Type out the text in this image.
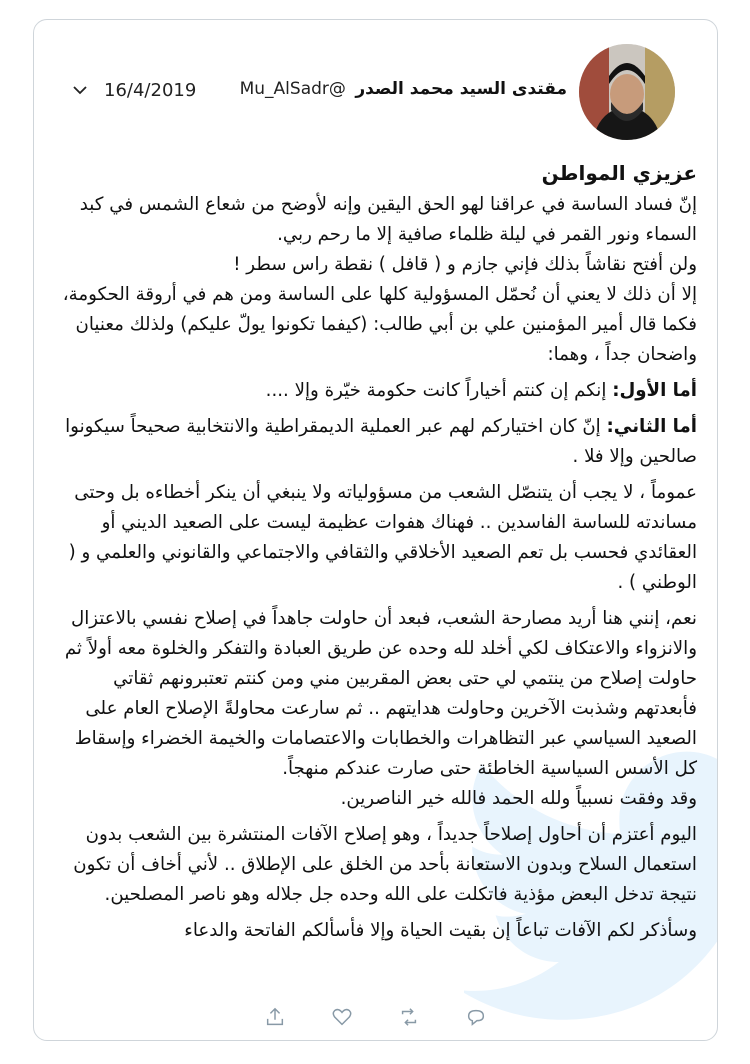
مقتدى السيد محمد الصدر @Mu_AlSadr
16/4/2019

عزيزي المواطن

إنّ فساد الساسة في عراقنا لهو الحق اليقين وإنه لأوضح من شعاع الشمس في كبد السماء ونور القمر في ليلة ظلماء صافية إلا ما رحم ربي.

ولن أفتح نقاشاً بذلك فإني جازم و ( قافل ) نقطة راس سطر !

إلا أن ذلك لا يعني أن نُحمّل المسؤولية كلها على الساسة ومن هم في أروقة الحكومة، فكما قال أمير المؤمنين علي بن أبي طالب: (كيفما تكونوا يولّ عليكم) ولذلك معنيان واضحان جداً ، وهما:

أما الأول: إنكم إن كنتم أخياراً كانت حكومة خيّرة وإلا ....

أما الثاني: إنّ كان اختياركم لهم عبر العملية الديمقراطية والانتخابية صحيحاً سيكونوا صالحين وإلا فلا .

عموماً ، لا يجب أن يتنصّل الشعب من مسؤولياته ولا ينبغي أن ينكر أخطاءه بل وحتى مساندته للساسة الفاسدين .. فهناك هفوات عظيمة ليست على الصعيد الديني أو العقائدي فحسب بل تعم الصعيد الأخلاقي والثقافي والاجتماعي والقانوني والعلمي و ( الوطني ) .

نعم، إنني هنا أريد مصارحة الشعب، فبعد أن حاولت جاهداً في إصلاح نفسي بالاعتزال والانزواء والاعتكاف لكي أخلد لله وحده عن طريق العبادة والتفكر والخلوة معه أولاً ثم حاولت إصلاح من ينتمي لي حتى بعض المقربين مني ومن كنتم تعتبرونهم ثقاتي فأبعدتهم وشذبت الآخرين وحاولت هدايتهم .. ثم سارعت محاولةً الإصلاح العام على الصعيد السياسي عبر التظاهرات والخطابات والاعتصامات والخيمة الخضراء وإسقاط كل الأسس السياسية الخاطئة حتى صارت عندكم منهجاً.

وقد وفقت نسبياً ولله الحمد فالله خير الناصرين.

اليوم أعتزم أن أحاول إصلاحاً جديداً ، وهو إصلاح الآفات المنتشرة بين الشعب بدون استعمال السلاح وبدون الاستعانة بأحد من الخلق على الإطلاق .. لأني أخاف أن تكون نتيجة تدخل البعض مؤذية فاتكلت على الله وحده جل جلاله وهو ناصر المصلحين.

وسأذكر لكم الآفات تباعاً إن بقيت الحياة وإلا فأسألكم الفاتحة والدعاء
